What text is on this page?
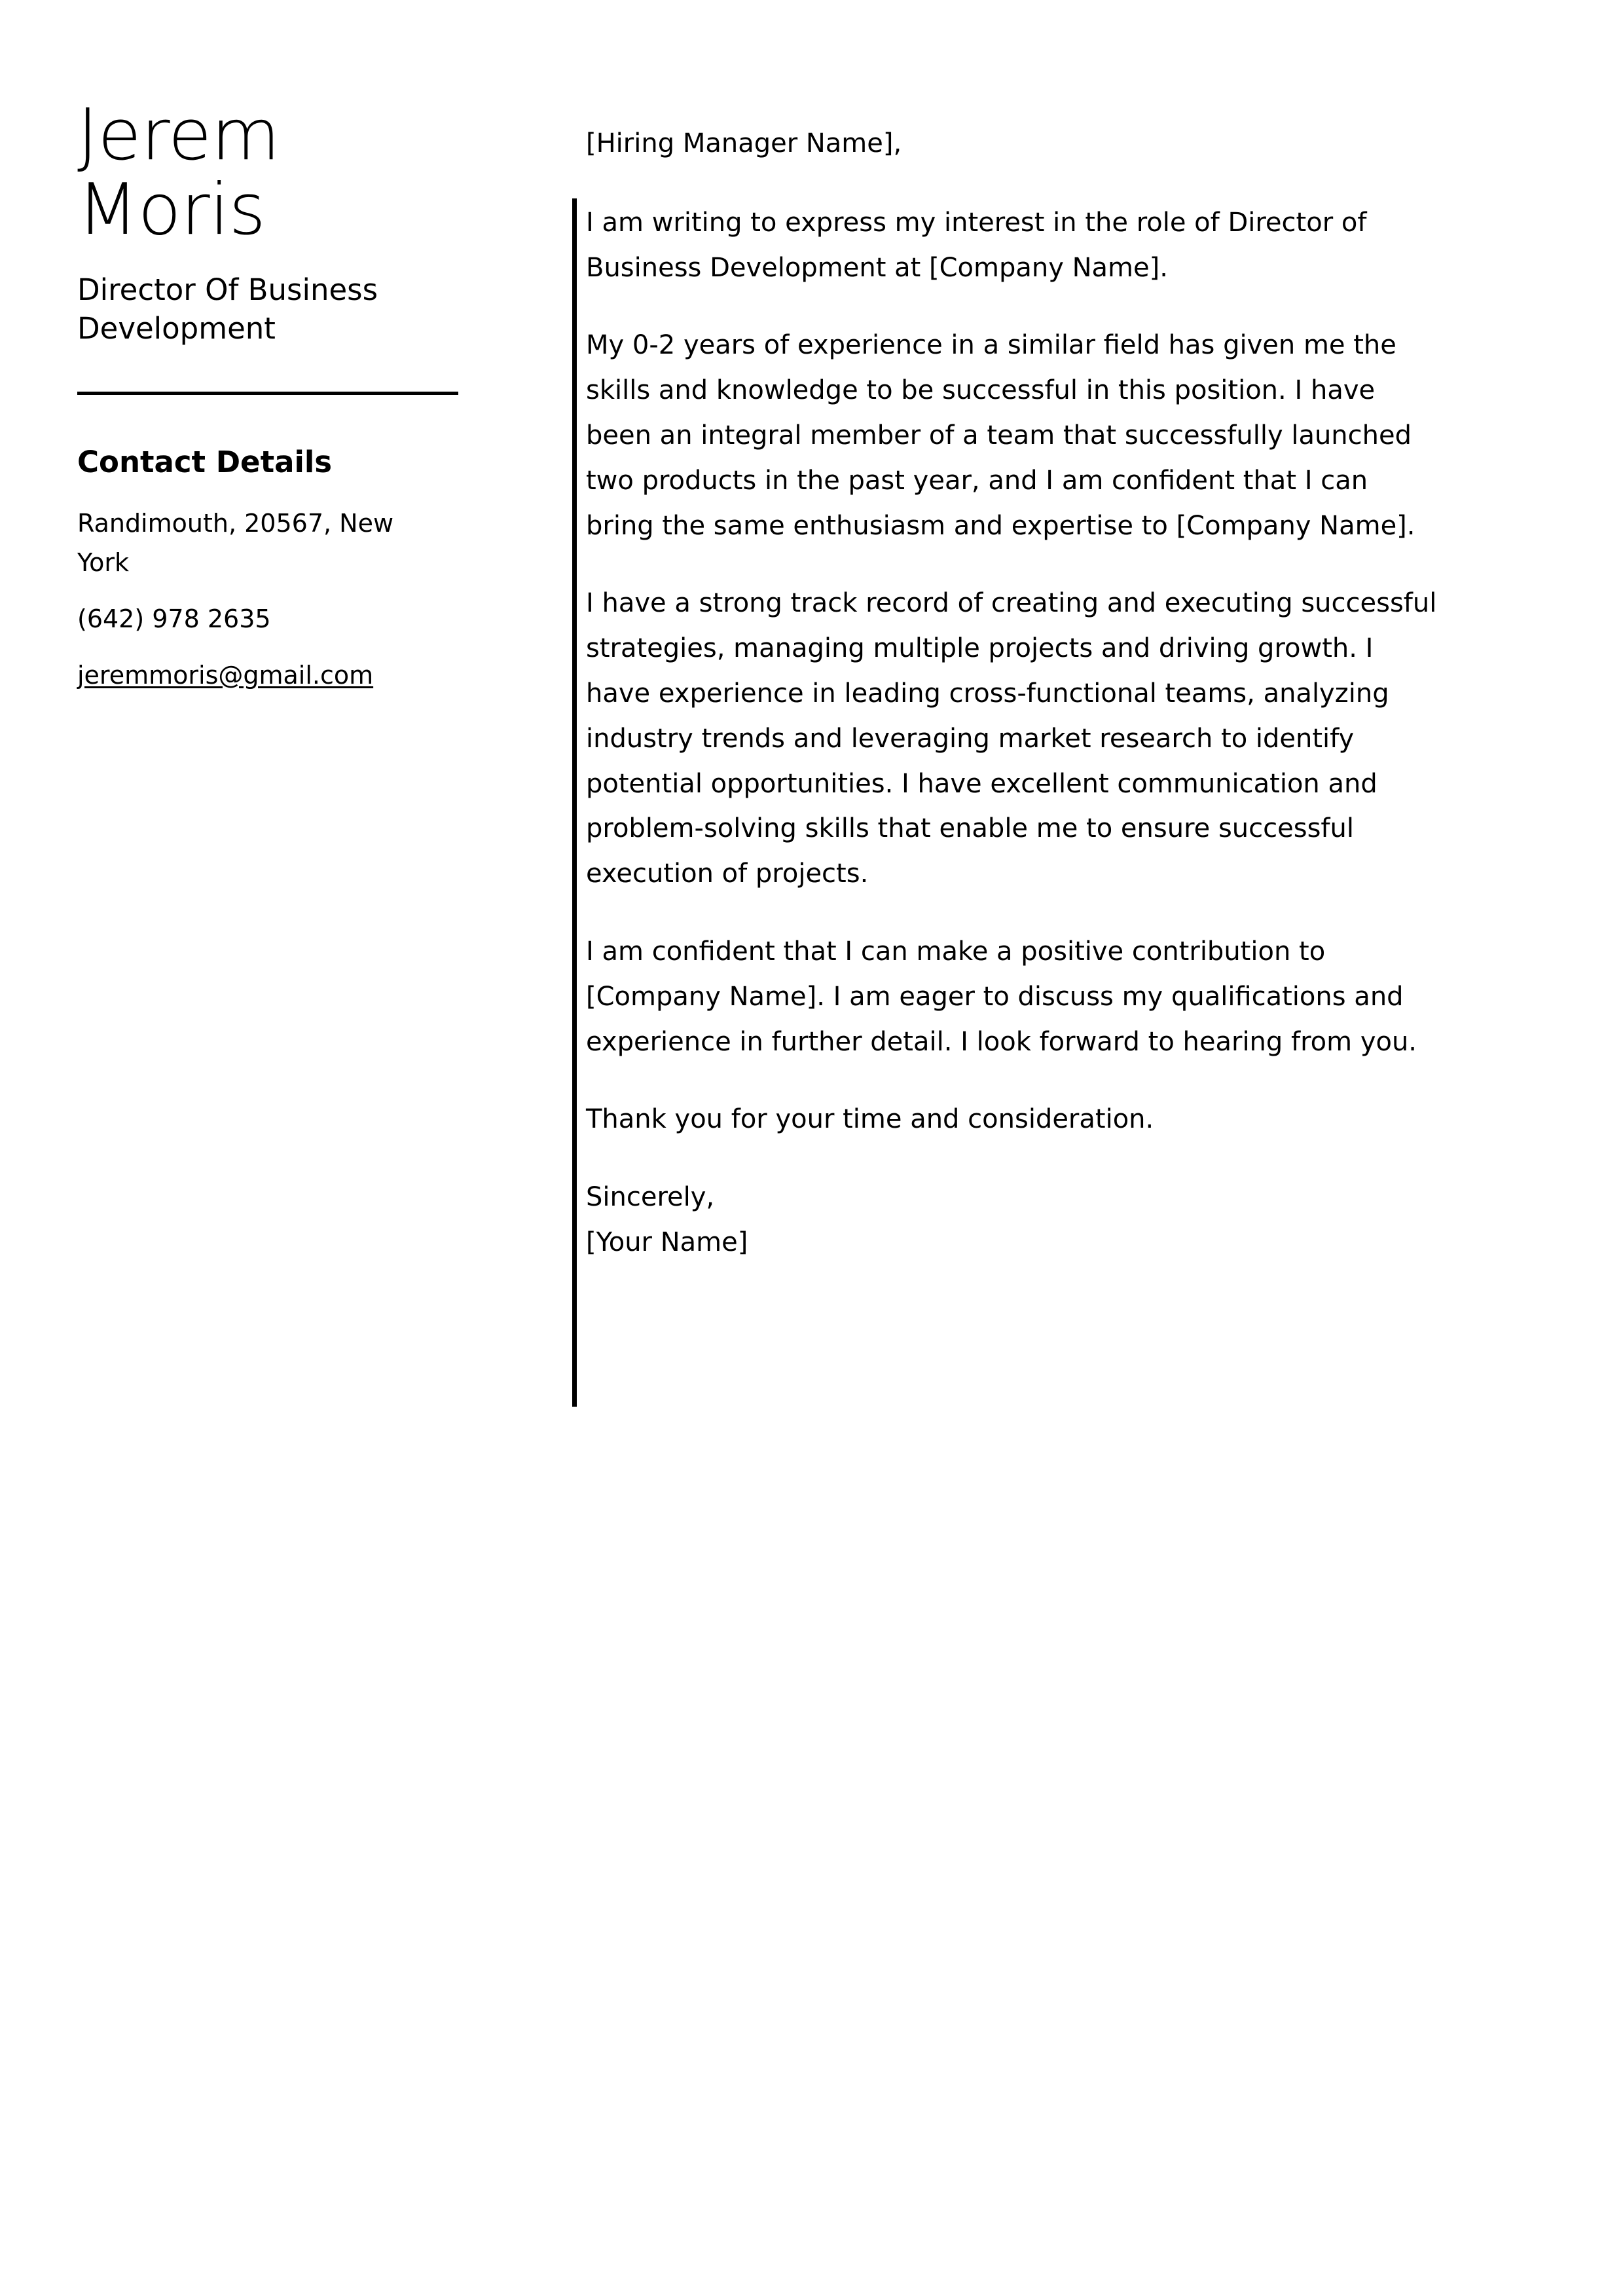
Jerem
Moris
Director Of Business Development
Contact Details
Randimouth, 20567, New York
(642) 978 2635
jeremmoris@gmail.com

[Hiring Manager Name],

I am writing to express my interest in the role of Director of Business Development at [Company Name].

My 0-2 years of experience in a similar field has given me the skills and knowledge to be successful in this position. I have been an integral member of a team that successfully launched two products in the past year, and I am confident that I can bring the same enthusiasm and expertise to [Company Name].

I have a strong track record of creating and executing successful strategies, managing multiple projects and driving growth. I have experience in leading cross-functional teams, analyzing industry trends and leveraging market research to identify potential opportunities. I have excellent communication and problem-solving skills that enable me to ensure successful execution of projects.

I am confident that I can make a positive contribution to [Company Name]. I am eager to discuss my qualifications and experience in further detail. I look forward to hearing from you.

Thank you for your time and consideration.

Sincerely,

[Your Name]
